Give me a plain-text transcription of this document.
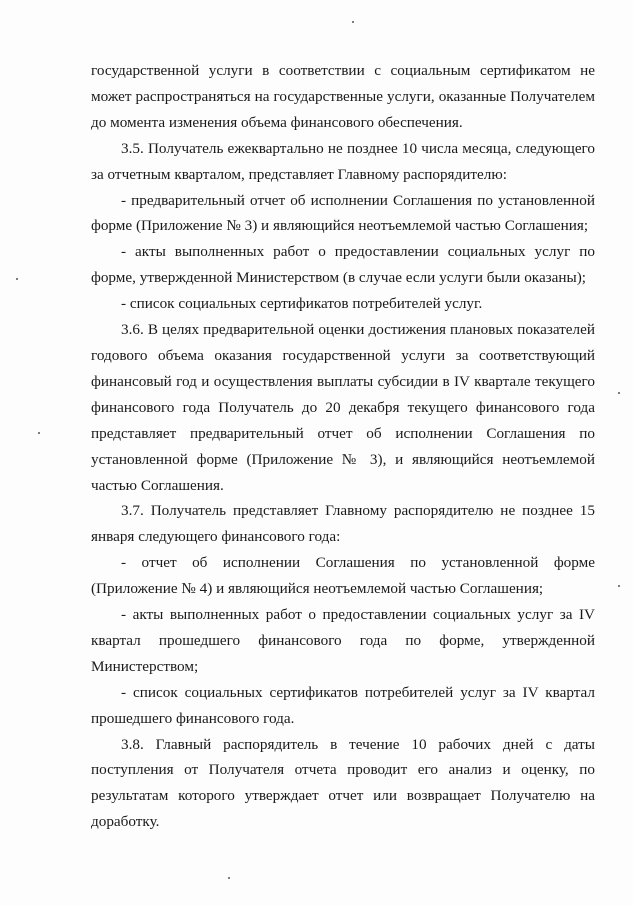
государственной услуги в соответствии с социальным сертификатом не может распространяться на государственные услуги, оказанные Получателем до момента изменения объема финансового обеспечения.

3.5. Получатель ежеквартально не позднее 10 числа месяца, следующего за отчетным кварталом, представляет Главному распорядителю:

- предварительный отчет об исполнении Соглашения по установленной форме (Приложение № 3) и являющийся неотъемлемой частью Соглашения;

- акты выполненных работ о предоставлении социальных услуг по форме, утвержденной Министерством (в случае если услуги были оказаны);

- список социальных сертификатов потребителей услуг.

3.6. В целях предварительной оценки достижения плановых показателей годового объема оказания государственной услуги за соответствующий финансовый год и осуществления выплаты субсидии в IV квартале текущего финансового года Получатель до 20 декабря текущего финансового года представляет предварительный отчет об исполнении Соглашения по установленной форме (Приложение № 3), и являющийся неотъемлемой частью Соглашения.

3.7. Получатель представляет Главному распорядителю не позднее 15 января следующего финансового года:

- отчет об исполнении Соглашения по установленной форме (Приложение № 4) и являющийся неотъемлемой частью Соглашения;

- акты выполненных работ о предоставлении социальных услуг за IV квартал прошедшего финансового года по форме, утвержденной Министерством;

- список социальных сертификатов потребителей услуг за IV квартал прошедшего финансового года.

3.8. Главный распорядитель в течение 10 рабочих дней с даты поступления от Получателя отчета проводит его анализ и оценку, по результатам которого утверждает отчет или возвращает Получателю на доработку.
